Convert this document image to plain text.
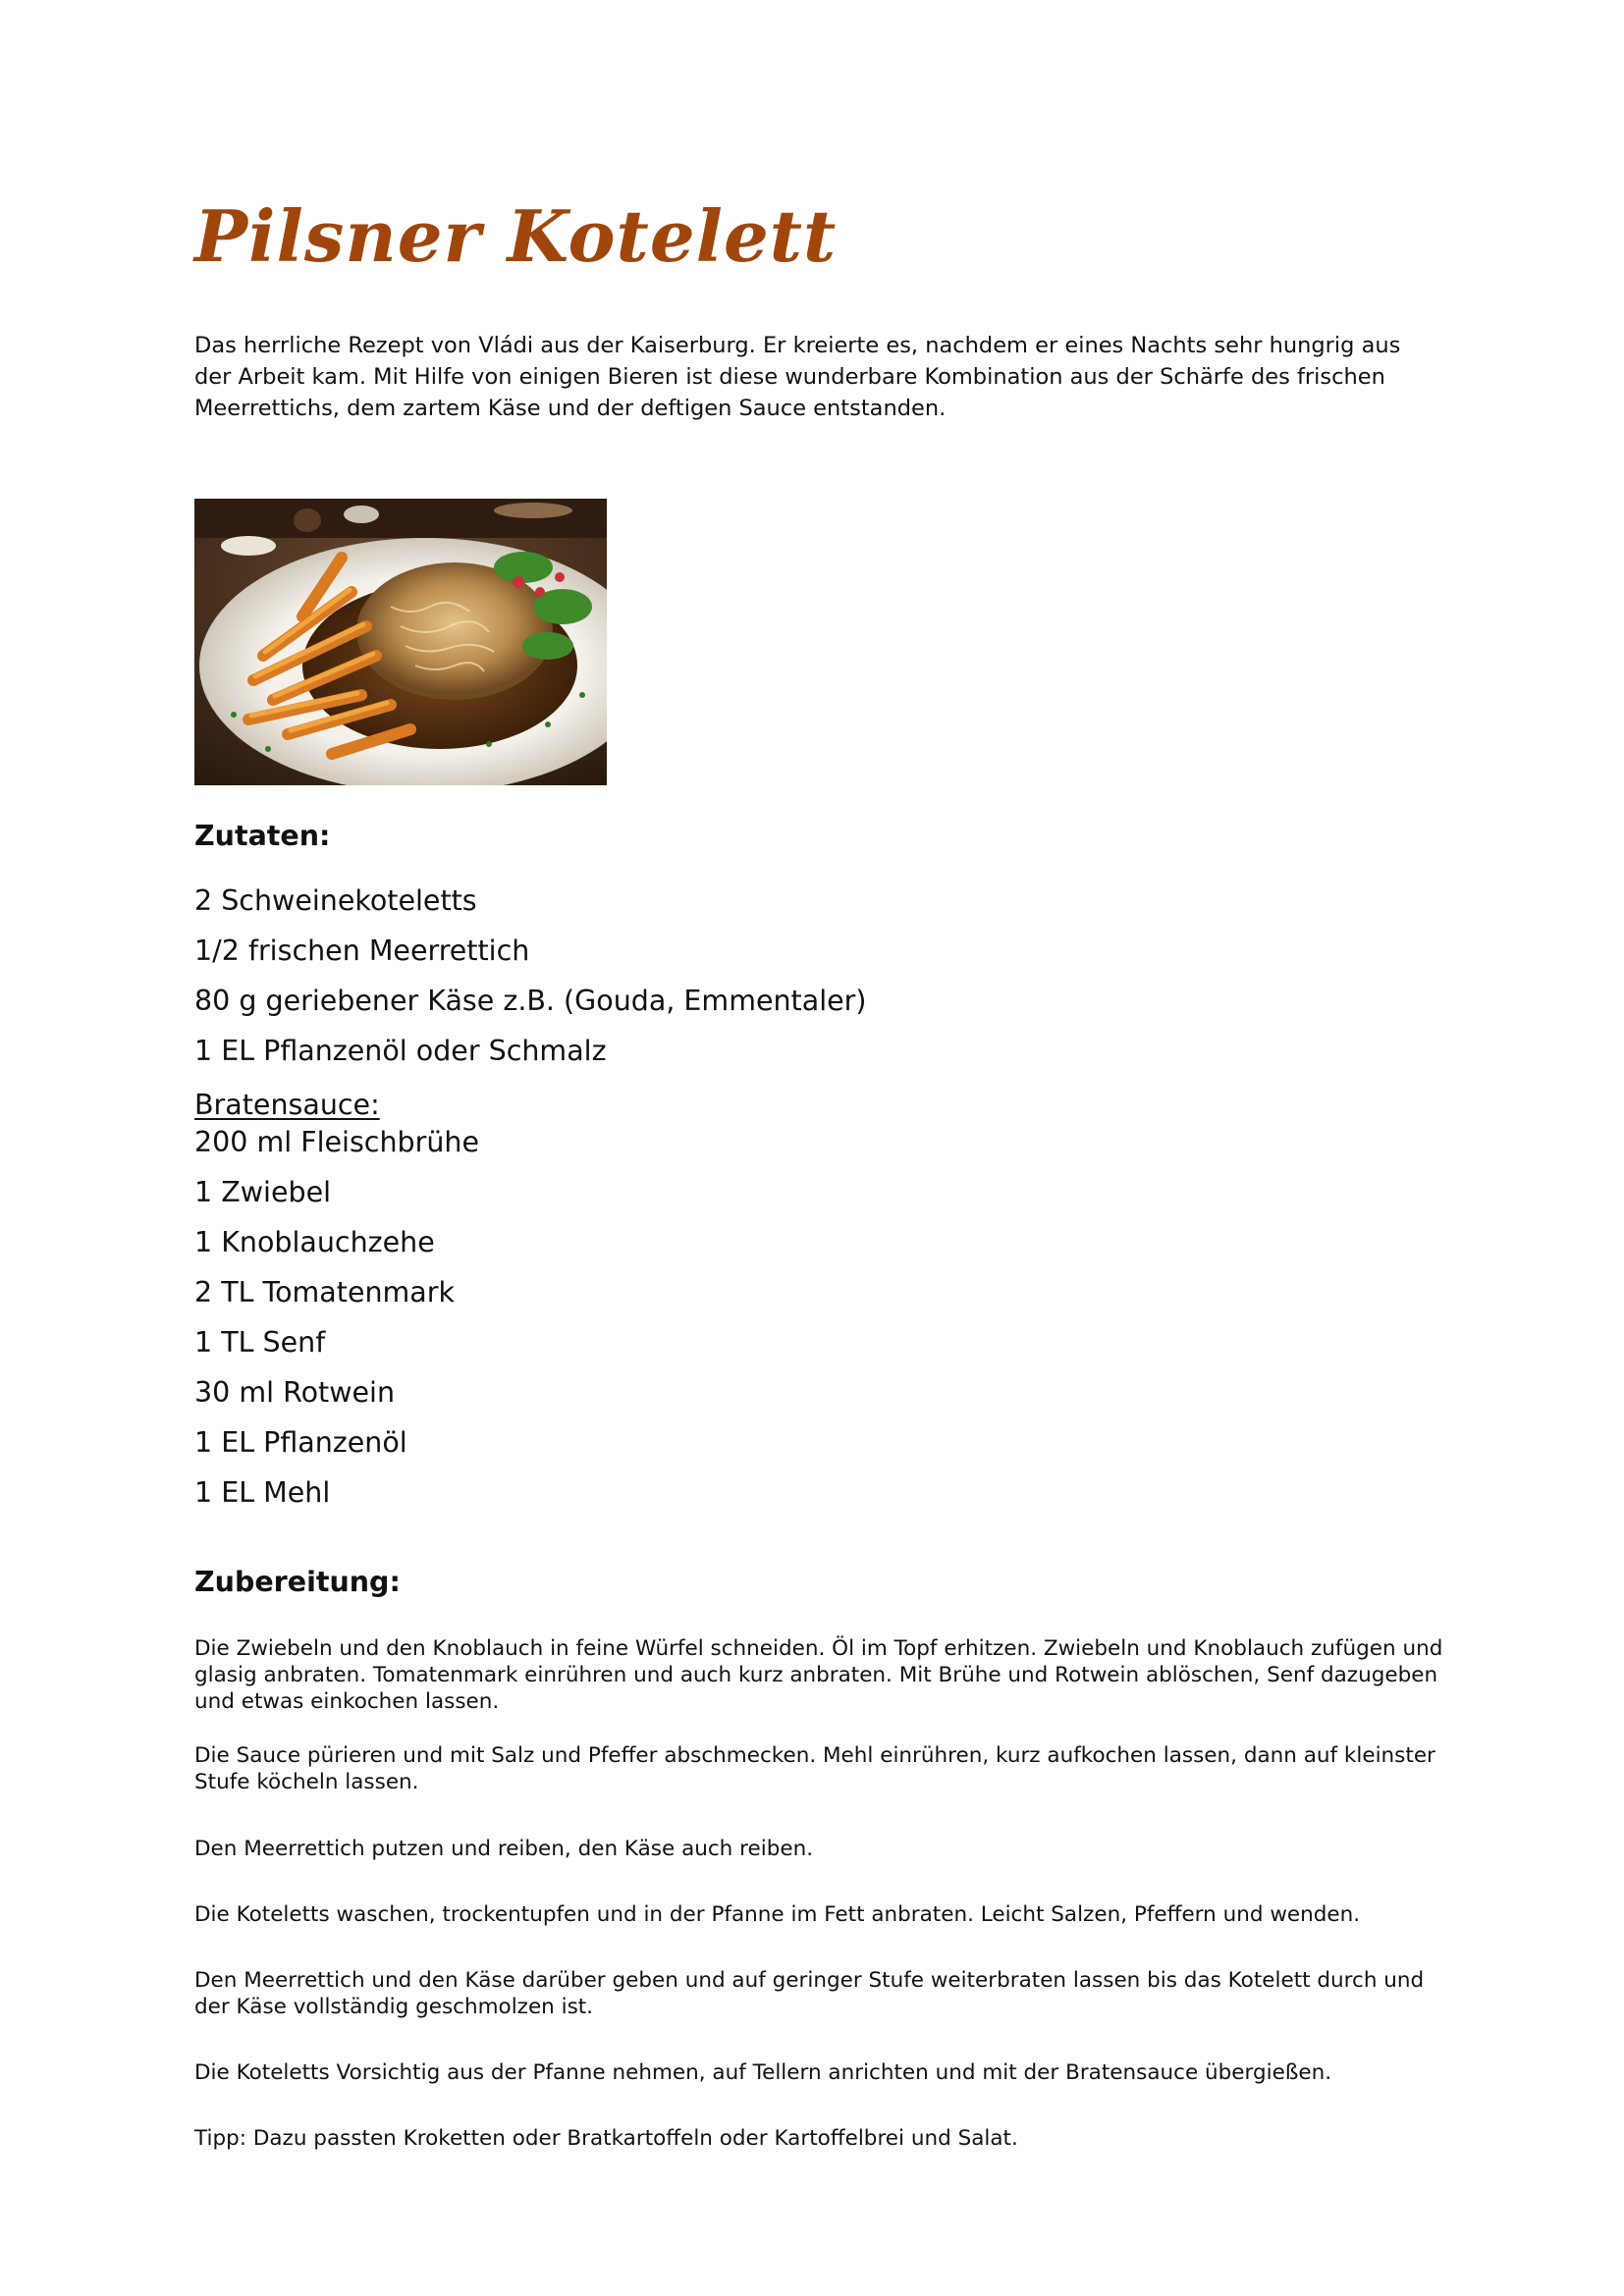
Pilsner Kotelett

Das herrliche Rezept von Vládi aus der Kaiserburg. Er kreierte es, nachdem er eines Nachts sehr hungrig aus der Arbeit kam. Mit Hilfe von einigen Bieren ist diese wunderbare Kombination aus der Schärfe des frischen Meerrettichs, dem zartem Käse und der deftigen Sauce entstanden.

Zutaten:
2 Schweinekoteletts
1/2 frischen Meerrettich
80 g geriebener Käse z.B. (Gouda, Emmentaler)
1 EL Pflanzenöl oder Schmalz
Bratensauce:
200 ml Fleischbrühe
1 Zwiebel
1 Knoblauchzehe
2 TL Tomatenmark
1 TL Senf
30 ml Rotwein
1 EL Pflanzenöl
1 EL Mehl
Zubereitung:

Die Zwiebeln und den Knoblauch in feine Würfel schneiden. Öl im Topf erhitzen. Zwiebeln und Knoblauch zufügen und glasig anbraten. Tomatenmark einrühren und auch kurz anbraten. Mit Brühe und Rotwein ablöschen, Senf dazugeben und etwas einkochen lassen.

Die Sauce pürieren und mit Salz und Pfeffer abschmecken. Mehl einrühren, kurz aufkochen lassen, dann auf kleinster Stufe köcheln lassen.

Den Meerrettich putzen und reiben, den Käse auch reiben.

Die Koteletts waschen, trockentupfen und in der Pfanne im Fett anbraten. Leicht Salzen, Pfeffern und wenden.

Den Meerrettich und den Käse darüber geben und auf geringer Stufe weiterbraten lassen bis das Kotelett durch und der Käse vollständig geschmolzen ist.

Die Koteletts Vorsichtig aus der Pfanne nehmen, auf Tellern anrichten und mit der Bratensauce übergießen.

Tipp: Dazu passten Kroketten oder Bratkartoffeln oder Kartoffelbrei und Salat.
